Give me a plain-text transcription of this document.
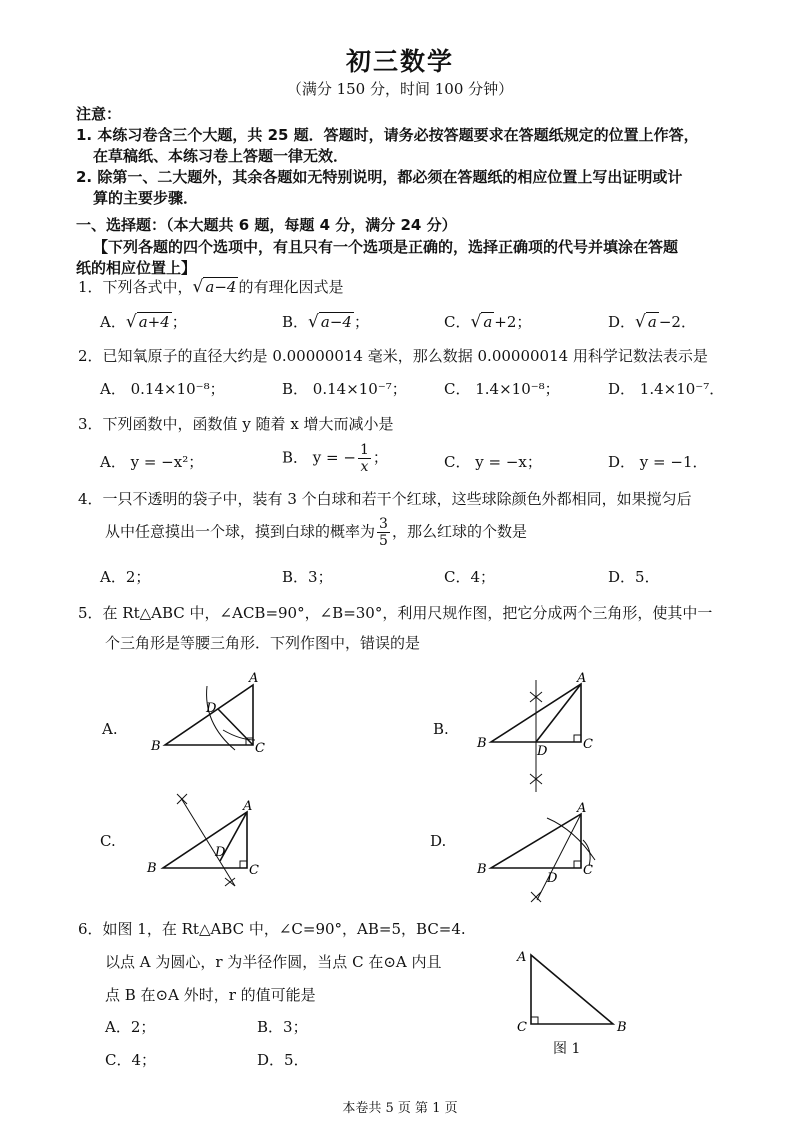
初三数学
（满分 150 分，时间 100 分钟）
注意：
1. 本练习卷含三个大题，共 25 题．答题时，请务必按答题要求在答题纸规定的位置上作答，
在草稿纸、本练习卷上答题一律无效．
2. 除第一、二大题外，其余各题如无特别说明，都必须在答题纸的相应位置上写出证明或计
算的主要步骤．
一、选择题：（本大题共 6 题，每题 4 分，满分 24 分）
【下列各题的四个选项中，有且只有一个选项是正确的，选择正确项的代号并填涂在答题
纸的相应位置上】
1．下列各式中，√ a−4 的有理化因式是
A．√ a+4 ；	B．√ a−4 ；	C．√ a +2；	D．√ a −2．
2．已知氧原子的直径大约是 0.00000014 毫米，那么数据 0.00000014 用科学记数法表示是
A． 0.14×10⁻⁸；	B． 0.14×10⁻⁷； C． 1.4×10⁻⁸；	D． 1.4×10⁻⁷．
3．下列函数中，函数值 y 随着 x 增大而减小是
A． y = −x²；	B． y = − $\frac{1}{x}$ ；	C． y = −x；	D． y = −1．
4．一只不透明的袋子中，装有 3 个白球和若干个红球，这些球除颜色外都相同，如果搅匀后
从中任意摸出一个球，摸到白球的概率为 $\frac{3}{5}$ ，那么红球的个数是
A．2；	B．3；	C．4；	D．5．
5．在 Rt△ABC 中，∠ACB=90°，∠B=30°，利用尺规作图，把它分成两个三角形，使其中一
个三角形是等腰三角形．下列作图中，错误的是
A.	B.
C.	D.
A
B	C
D
A
B	C
D
A
B	C
D
A
B	C
D
6．如图 1，在 Rt△ABC 中，∠C=90°，AB=5，BC=4.
以点 A 为圆心，r 为半径作圆，当点 C 在⊙A 内且
点 B 在⊙A 外时，r 的值可能是
A．2；	B．3；
C．4；	D．5．
A
C	B
图 1
本卷共 5 页 第 1 页
